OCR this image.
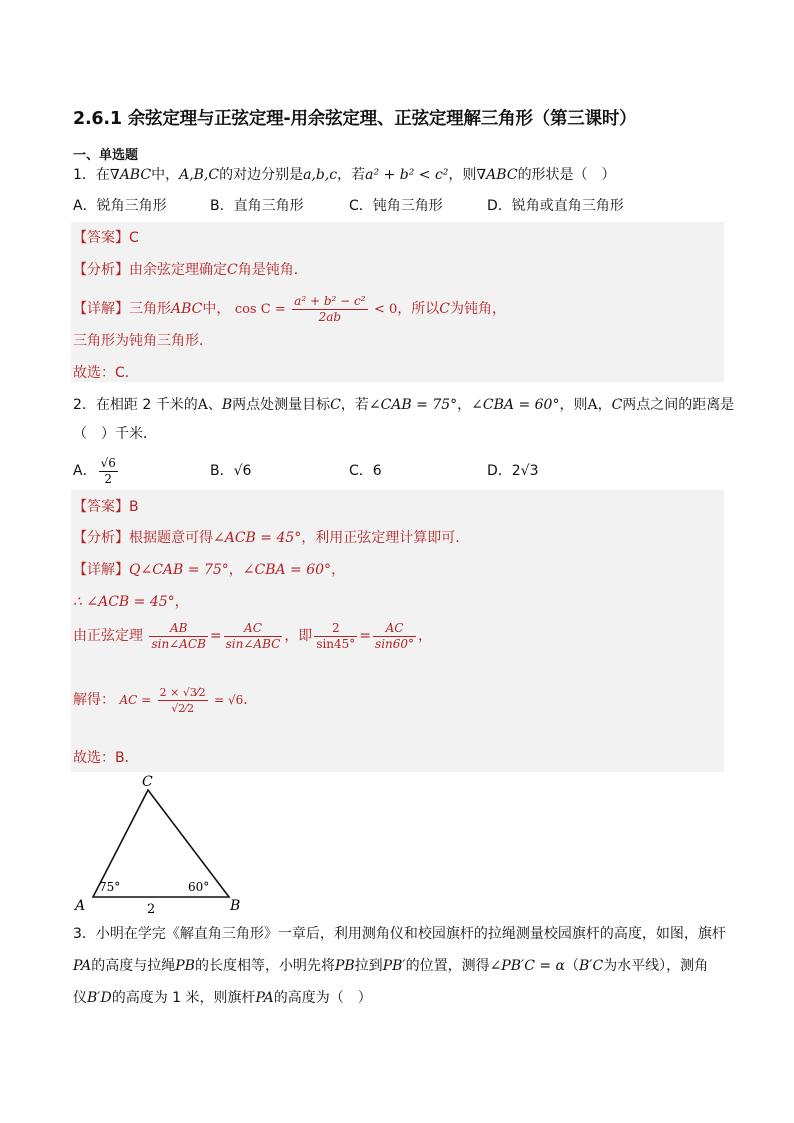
2.6.1 余弦定理与正弦定理-用余弦定理、正弦定理解三角形（第三课时）
一、单选题
1．在∇ABC中，A,B,C的对边分别是a,b,c，若a² + b² < c²，则∇ABC的形状是（　）
A．锐角三角形	B．直角三角形	C．钝角三角形	D．锐角或直角三角形
【答案】C
【分析】由余弦定理确定C角是钝角．
【详解】三角形ABC中， $\cos C = \frac{\text{a² + b² − c²}}{2ab} < 0$，所以C为钝角，
三角形为钝角三角形．
故选：C．
2．在相距 2 千米的A、B两点处测量目标C，若∠CAB = 75°，∠CBA = 60°，则A，C两点之间的距离是
（　）千米．
A． $\frac{√6}{2}$	B．√6	C．6	D．2√3
【答案】B
【分析】根据题意可得∠ACB = 45°，利用正弦定理计算即可.
【详解】Q∠CAB = 75°，∠CBA = 60°，
∴ ∠ACB = 45°，
由正弦定理 $\frac{AB}{\text{sin∠ACB}} = \frac{AC}{\text{sin∠ABC}}$ ，即 $\frac{2}{\sin 45^\circ} = \frac{AC}{\sin 60^\circ}$ ，
解得： AC = $\frac{2 \times √3⁄2}{√2⁄2} = √6$．
故选：B．
C
A	B
75°	60°
2
3．小明在学完《解直角三角形》一章后，利用测角仪和校园旗杆的拉绳测量校园旗杆的高度，如图，旗杆
PA的高度与拉绳PB的长度相等，小明先将PB拉到PB′的位置，测得∠PB′C = α（B′C为水平线），测角
仪B′D的高度为 1 米，则旗杆PA的高度为（　）
